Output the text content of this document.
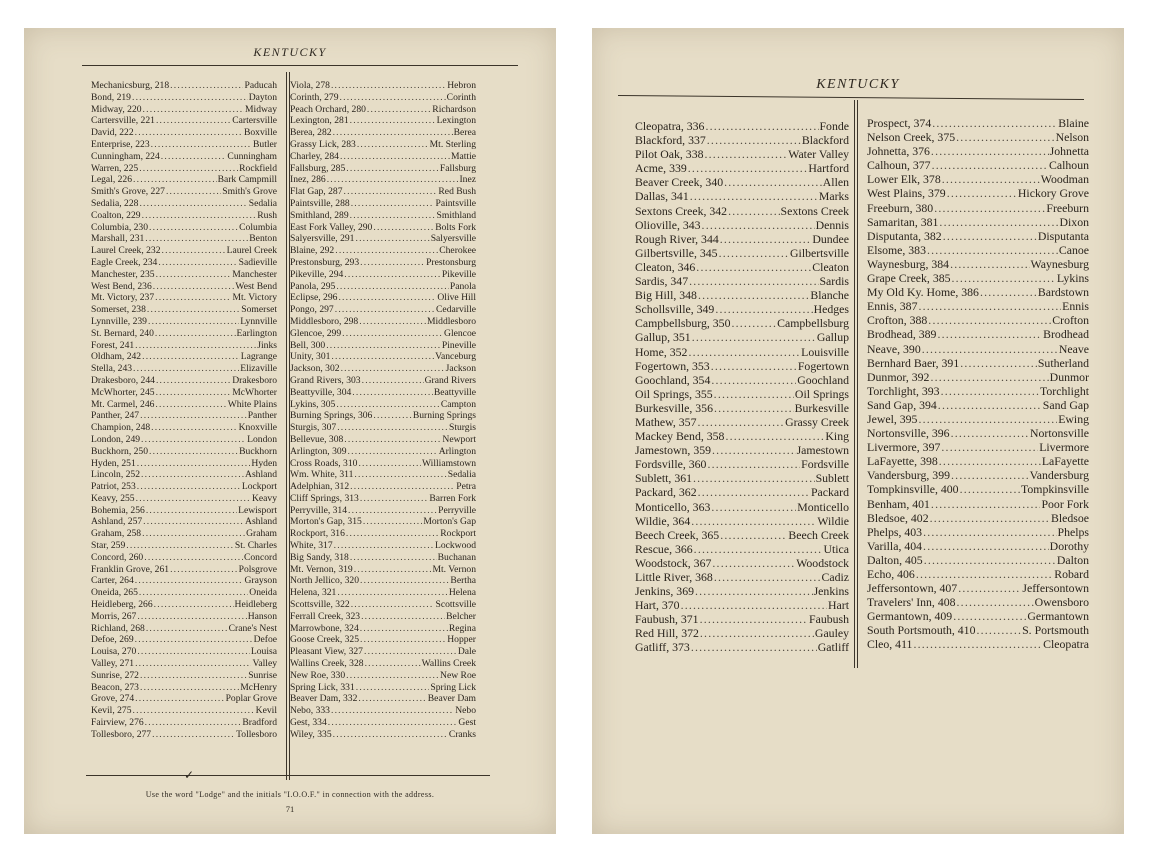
KENTUCKY
Mechanicsburg, 218 .....	Paducah
Bond, 219 .....	Dayton
Midway, 220 .....	Midway
Cartersville, 221 .....	Cartersville
David, 222 .....	Boxville
Enterprise, 223 .....	Butler
Cunningham, 224 .....	Cunningham
Warren, 225 .....	Rockfield
Legal, 226 .....	Bark Campmill
Smith's Grove, 227 .....	Smith's Grove
Sedalia, 228 .....	Sedalia
Coalton, 229 .....	Rush
Columbia, 230 .....	Columbia
Marshall, 231 .....	Benton
Laurel Creek, 232 .....	Laurel Creek
Eagle Creek, 234 .....	Sadieville
Manchester, 235 .....	Manchester
West Bend, 236 .....	West Bend
Mt. Victory, 237 .....	Mt. Victory
Somerset, 238 .....	Somerset
Lynnville, 239 .....	Lynnville
St. Bernard, 240 .....	Earlington
Forest, 241 .....	Jinks
Oldham, 242 .....	Lagrange
Stella, 243 .....	Elizaville
Drakesboro, 244 .....	Drakesboro
McWhorter, 245 .....	McWhorter
Mt. Carmel, 246 .....	White Plains
Panther, 247 .....	Panther
Champion, 248 .....	Knoxville
London, 249 .....	London
Buckhorn, 250 .....	Buckhorn
Hyden, 251 .....	Hyden
Lincoln, 252 .....	Ashland
Patriot, 253 .....	Lockport
Keavy, 255 .....	Keavy
Bohemia, 256 .....	Lewisport
Ashland, 257 .....	Ashland
Graham, 258 .....	Graham
Star, 259 .....	St. Charles
Concord, 260 .....	Concord
Franklin Grove, 261 .....	Polsgrove
Carter, 264 .....	Grayson
Oneida, 265 .....	Oneida
Heidleberg, 266 .....	Heidleberg
Morris, 267 .....	Hanson
Richland, 268 .....	Crane's Nest
Defoe, 269 .....	Defoe
Louisa, 270 .....	Louisa
Valley, 271 .....	Valley
Sunrise, 272 .....	Sunrise
Beacon, 273 .....	McHenry
Grove, 274 .....	Poplar Grove
Kevil, 275 .....	Kevil
Fairview, 276 .....	Bradford
Tollesboro, 277 .....	Tollesboro
Viola, 278 .....	Hebron
Corinth, 279 .....	Corinth
Peach Orchard, 280 .....	Richardson
Lexington, 281 .....	Lexington
Berea, 282 .....	Berea
Grassy Lick, 283 .....	Mt. Sterling
Charley, 284 .....	Mattie
Fallsburg, 285 .....	Fallsburg
Inez, 286 .....	Inez
Flat Gap, 287 .....	Red Bush
Paintsville, 288 .....	Paintsville
Smithland, 289 .....	Smithland
East Fork Valley, 290 .....	Bolts Fork
Salyersville, 291 .....	Salyersville
Blaine, 292 .....	Cherokee
Prestonsburg, 293 .....	Prestonsburg
Pikeville, 294 .....	Pikeville
Panola, 295 .....	Panola
Eclipse, 296 .....	Olive Hill
Pongo, 297 .....	Cedarville
Middlesboro, 298 .....	Middlesboro
Glencoe, 299 .....	Glencoe
Bell, 300 .....	Pineville
Unity, 301 .....	Vanceburg
Jackson, 302 .....	Jackson
Grand Rivers, 303 .....	Grand Rivers
Beattyville, 304 .....	Beattyville
Lykins, 305 .....	Campton
Burning Springs, 306 .....	Burning Springs
Sturgis, 307 .....	Sturgis
Bellevue, 308 .....	Newport
Arlington, 309 .....	Arlington
Cross Roads, 310 .....	Williamstown
Wm. White, 311 .....	Sedalia
Adelphian, 312 .....	Petra
Cliff Springs, 313 .....	Barren Fork
Perryville, 314 .....	Perryville
Morton's Gap, 315 .....	Morton's Gap
Rockport, 316 .....	Rockport
White, 317 .....	Lockwood
Big Sandy, 318 .....	Buchanan
Mt. Vernon, 319 .....	Mt. Vernon
North Jellico, 320 .....	Bertha
Helena, 321 .....	Helena
Scottsville, 322 .....	Scottsville
Ferrall Creek, 323 .....	Belcher
Marrowbone, 324 .....	Regina
Goose Creek, 325 .....	Hopper
Pleasant View, 327 .....	Dale
Wallins Creek, 328 .....	Wallins Creek
New Roe, 330 .....	New Roe
Spring Lick, 331 .....	Spring Lick
Beaver Dam, 332 .....	Beaver Dam
Nebo, 333 .....	Nebo
Gest, 334 .....	Gest
Wiley, 335 .....	Cranks
✓
Use the word "Lodge" and the initials "I.O.O.F." in connection with the address.
71
KENTUCKY
Cleopatra, 336 .....	Fonde
Blackford, 337 .....	Blackford
Pilot Oak, 338 .....	Water Valley
Acme, 339 .....	Hartford
Beaver Creek, 340 .....	Allen
Dallas, 341 .....	Marks
Sextons Creek, 342 .....	Sextons Creek
Olioville, 343 .....	Dennis
Rough River, 344 .....	Dundee
Gilbertsville, 345 .....	Gilbertsville
Cleaton, 346 .....	Cleaton
Sardis, 347 .....	Sardis
Big Hill, 348 .....	Blanche
Schollsville, 349 .....	Hedges
Campbellsburg, 350 .....	Campbellsburg
Gallup, 351 .....	Gallup
Home, 352 .....	Louisville
Fogertown, 353 .....	Fogertown
Goochland, 354 .....	Goochland
Oil Springs, 355 .....	Oil Springs
Burkesville, 356 .....	Burkesville
Mathew, 357 .....	Grassy Creek
Mackey Bend, 358 .....	King
Jamestown, 359 .....	Jamestown
Fordsville, 360 .....	Fordsville
Sublett, 361 .....	Sublett
Packard, 362 .....	Packard
Monticello, 363 .....	Monticello
Wildie, 364 .....	Wildie
Beech Creek, 365 .....	Beech Creek
Rescue, 366 .....	Utica
Woodstock, 367 .....	Woodstock
Little River, 368 .....	Cadiz
Jenkins, 369 .....	Jenkins
Hart, 370 .....	Hart
Faubush, 371 .....	Faubush
Red Hill, 372 .....	Gauley
Gatliff, 373 .....	Gatliff
Prospect, 374 .....	Blaine
Nelson Creek, 375 .....	Nelson
Johnetta, 376 .....	Johnetta
Calhoun, 377 .....	Calhoun
Lower Elk, 378 .....	Woodman
West Plains, 379 .....	Hickory Grove
Freeburn, 380 .....	Freeburn
Samaritan, 381 .....	Dixon
Disputanta, 382 .....	Disputanta
Elsome, 383 .....	Canoe
Waynesburg, 384 .....	Waynesburg
Grape Creek, 385 .....	Lykins
My Old Ky. Home, 386 .....	Bardstown
Ennis, 387 .....	Ennis
Crofton, 388 .....	Crofton
Brodhead, 389 .....	Brodhead
Neave, 390 .....	Neave
Bernhard Baer, 391 .....	Sutherland
Dunmor, 392 .....	Dunmor
Torchlight, 393 .....	Torchlight
Sand Gap, 394 .....	Sand Gap
Jewel, 395 .....	Ewing
Nortonsville, 396 .....	Nortonsville
Livermore, 397 .....	Livermore
LaFayette, 398 .....	LaFayette
Vandersburg, 399 .....	Vandersburg
Tompkinsville, 400 .....	Tompkinsville
Benham, 401 .....	Poor Fork
Bledsoe, 402 .....	Bledsoe
Phelps, 403 .....	Phelps
Varilla, 404 .....	Dorothy
Dalton, 405 .....	Dalton
Echo, 406 .....	Robard
Jeffersontown, 407 .....	Jeffersontown
Travelers' Inn, 408 .....	Owensboro
Germantown, 409 .....	Germantown
South Portsmouth, 410 .....	S. Portsmouth
Cleo, 411 .....	Cleopatra
